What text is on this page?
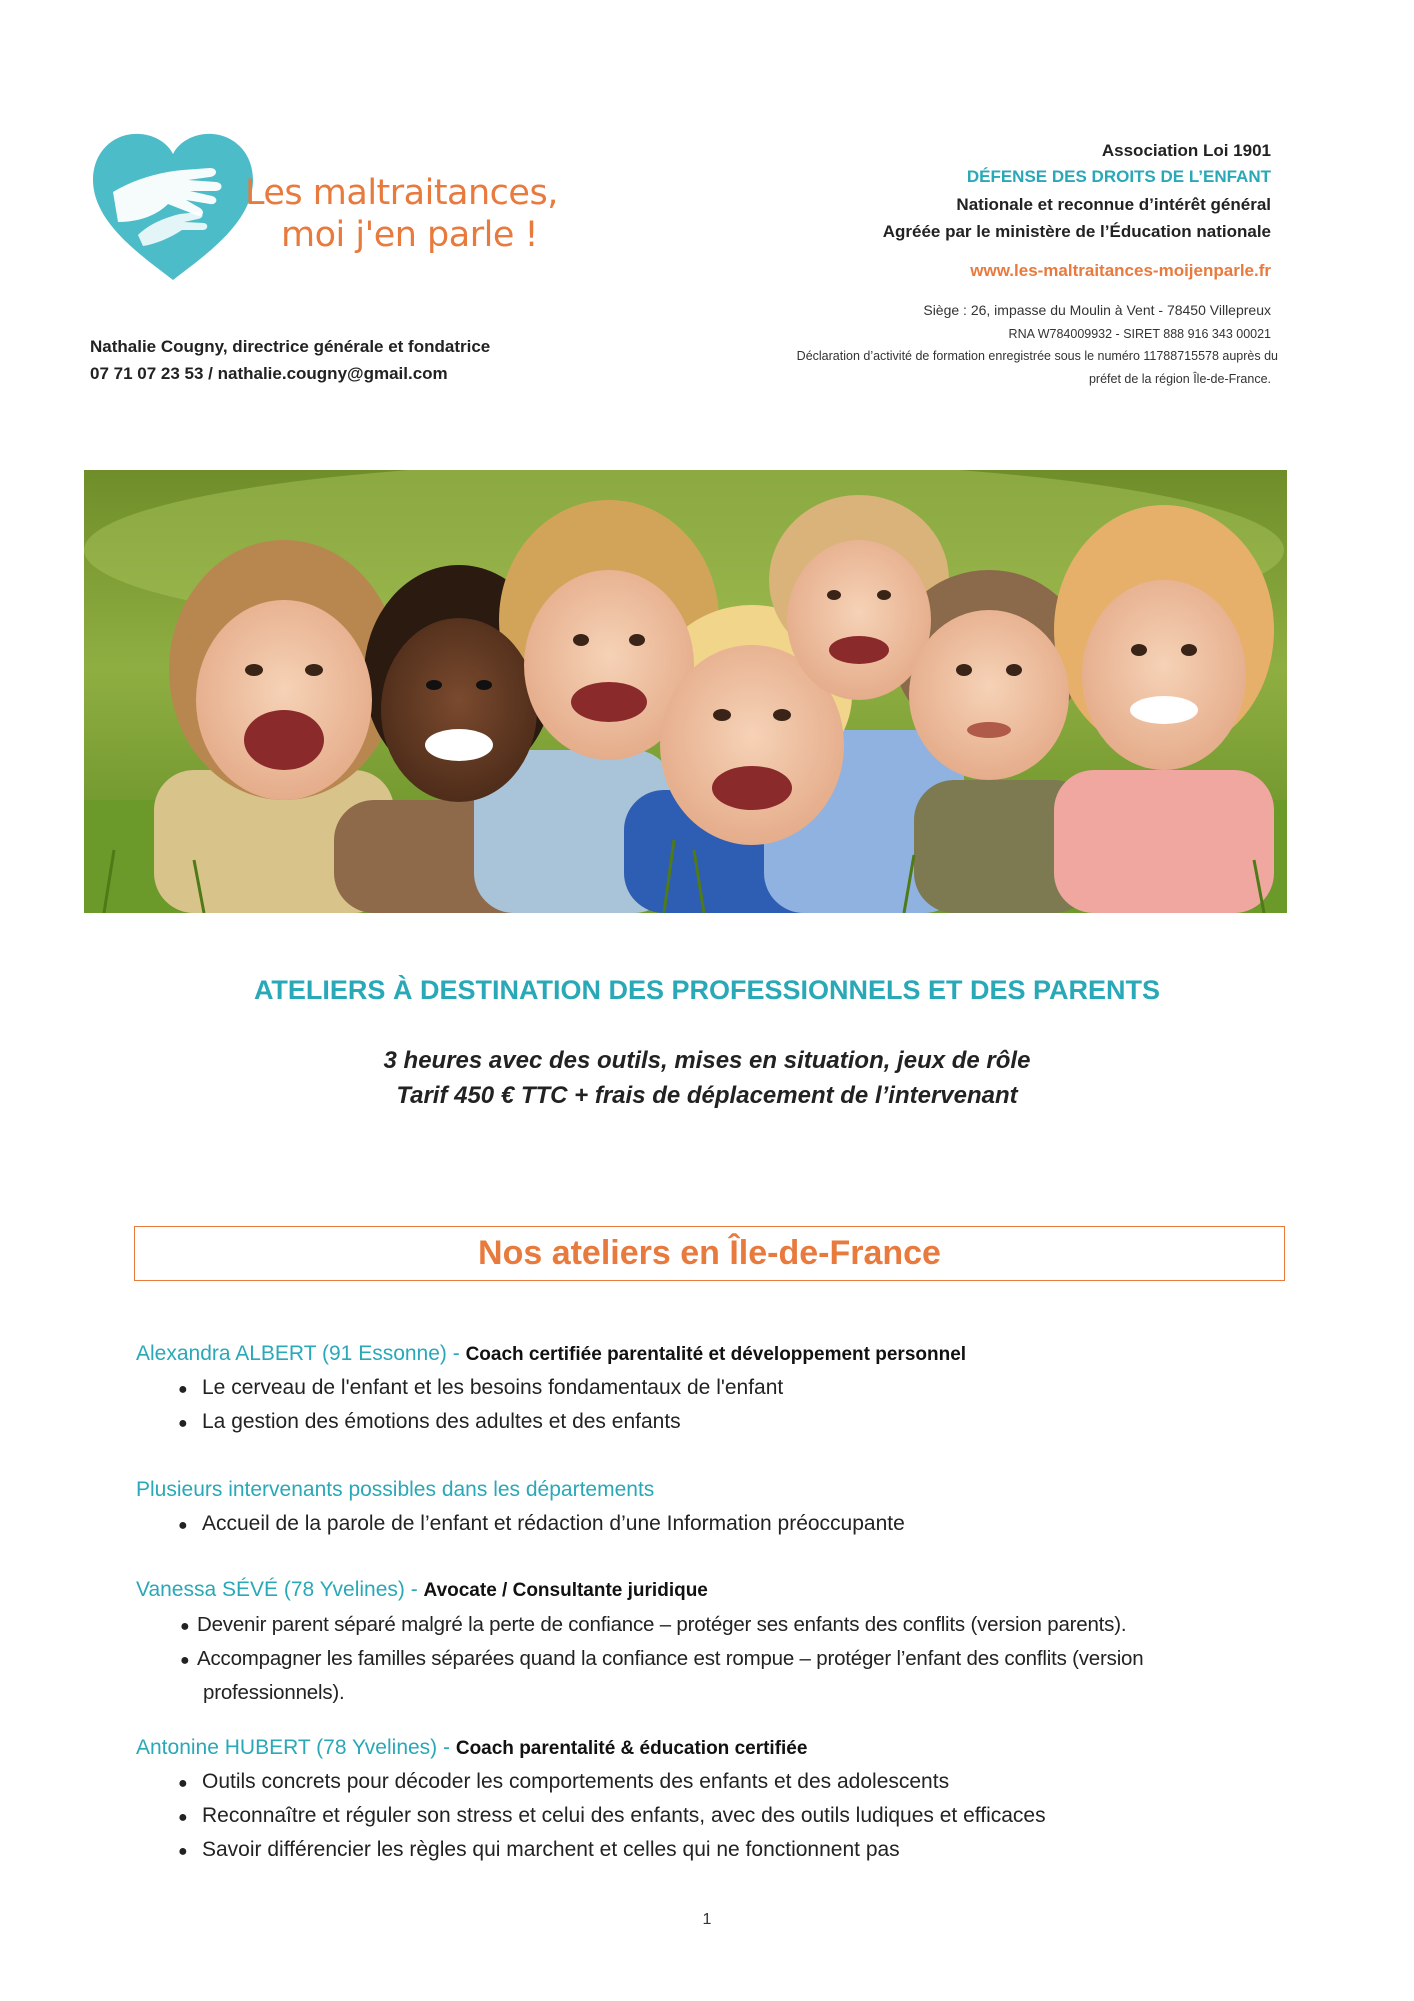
Les maltraitances,
moi j'en parle !
Association Loi 1901
DÉFENSE DES DROITS DE L’ENFANT
Nationale et reconnue d’intérêt général
Agréée par le ministère de l’Éducation nationale
www.les-maltraitances-moijenparle.fr
Siège : 26, impasse du Moulin à Vent - 78450 Villepreux
RNA W784009932 - SIRET 888 916 343 00021
Déclaration d’activité de formation enregistrée sous le numéro 11788715578 auprès du
préfet de la région Île-de-France.
Nathalie Cougny, directrice générale et fondatrice
07 71 07 23 53 / nathalie.cougny@gmail.com
ATELIERS À DESTINATION DES PROFESSIONNELS ET DES PARENTS
3 heures avec des outils, mises en situation, jeux de rôle
Tarif 450 € TTC + frais de déplacement de l’intervenant
Nos ateliers en Île-de-France
Alexandra ALBERT (91 Essonne) - Coach certifiée parentalité et développement personnel
● Le cerveau de l'enfant et les besoins fondamentaux de l'enfant
● La gestion des émotions des adultes et des enfants
Plusieurs intervenants possibles dans les départements
● Accueil de la parole de l’enfant et rédaction d’une Information préoccupante
Vanessa SÉVÉ (78 Yvelines) - Avocate / Consultante juridique
● Devenir parent séparé malgré la perte de confiance – protéger ses enfants des conflits (version parents).
● Accompagner les familles séparées quand la confiance est rompue – protéger l’enfant des conflits (version
professionnels).
Antonine HUBERT (78 Yvelines) - Coach parentalité & éducation certifiée
● Outils concrets pour décoder les comportements des enfants et des adolescents
● Reconnaître et réguler son stress et celui des enfants, avec des outils ludiques et efficaces
● Savoir différencier les règles qui marchent et celles qui ne fonctionnent pas
1
